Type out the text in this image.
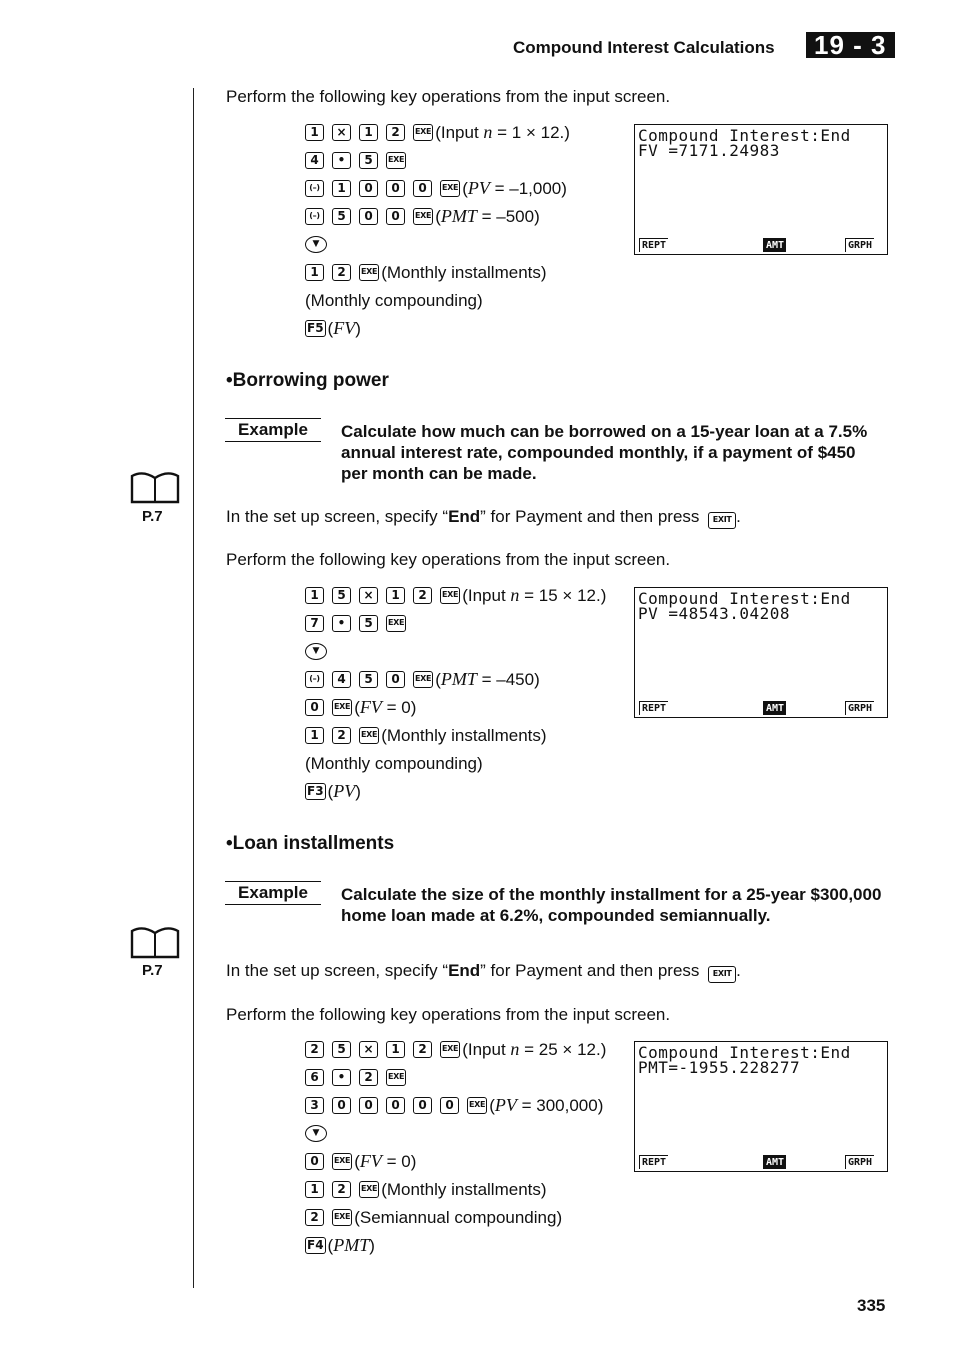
Compound Interest Calculations	19 - 3
Perform the following key operations from the input screen.
1	×	1	2	EXE (Input n = 1 × 12.)
4	•	5	EXE
(–)	1	0	0	0	EXE (PV = –1,000)
(–)	5	0	0	EXE (PMT = –500)
▼
1	2	EXE (Monthly installments)
(Monthly compounding)
F5 (FV)
Compound Interest:End
FV =7171.24983
REPT	AMT	GRPH
•Borrowing power
Example	Calculate how much can be borrowed on a 15-year loan at a 7.5% annual interest rate, compounded monthly, if a payment of $450 per month can be made.
P.7	In the set up screen, specify “End” for Payment and then press EXIT .
Perform the following key operations from the input screen.
1	5	×	1	2	EXE (Input n = 15 × 12.)
7	•	5	EXE
▼
(–)	4	5	0	EXE (PMT = –450)
0	EXE (FV = 0)
1	2	EXE (Monthly installments)
(Monthly compounding)
F3 (PV)
Compound Interest:End
PV =48543.04208
REPT	AMT	GRPH
•Loan installments
Example	Calculate the size of the monthly installment for a 25-year $300,000 home loan made at 6.2%, compounded semiannually.
P.7	In the set up screen, specify “End” for Payment and then press EXIT .
Perform the following key operations from the input screen.
2	5	×	1	2	EXE (Input n = 25 × 12.)
6	•	2	EXE
3	0	0	0	0	0	EXE (PV = 300,000)
▼
0	EXE (FV = 0)
1	2	EXE (Monthly installments)
2	EXE (Semiannual compounding)
F4 (PMT)
Compound Interest:End
PMT=-1955.228277
REPT	AMT	GRPH
335
